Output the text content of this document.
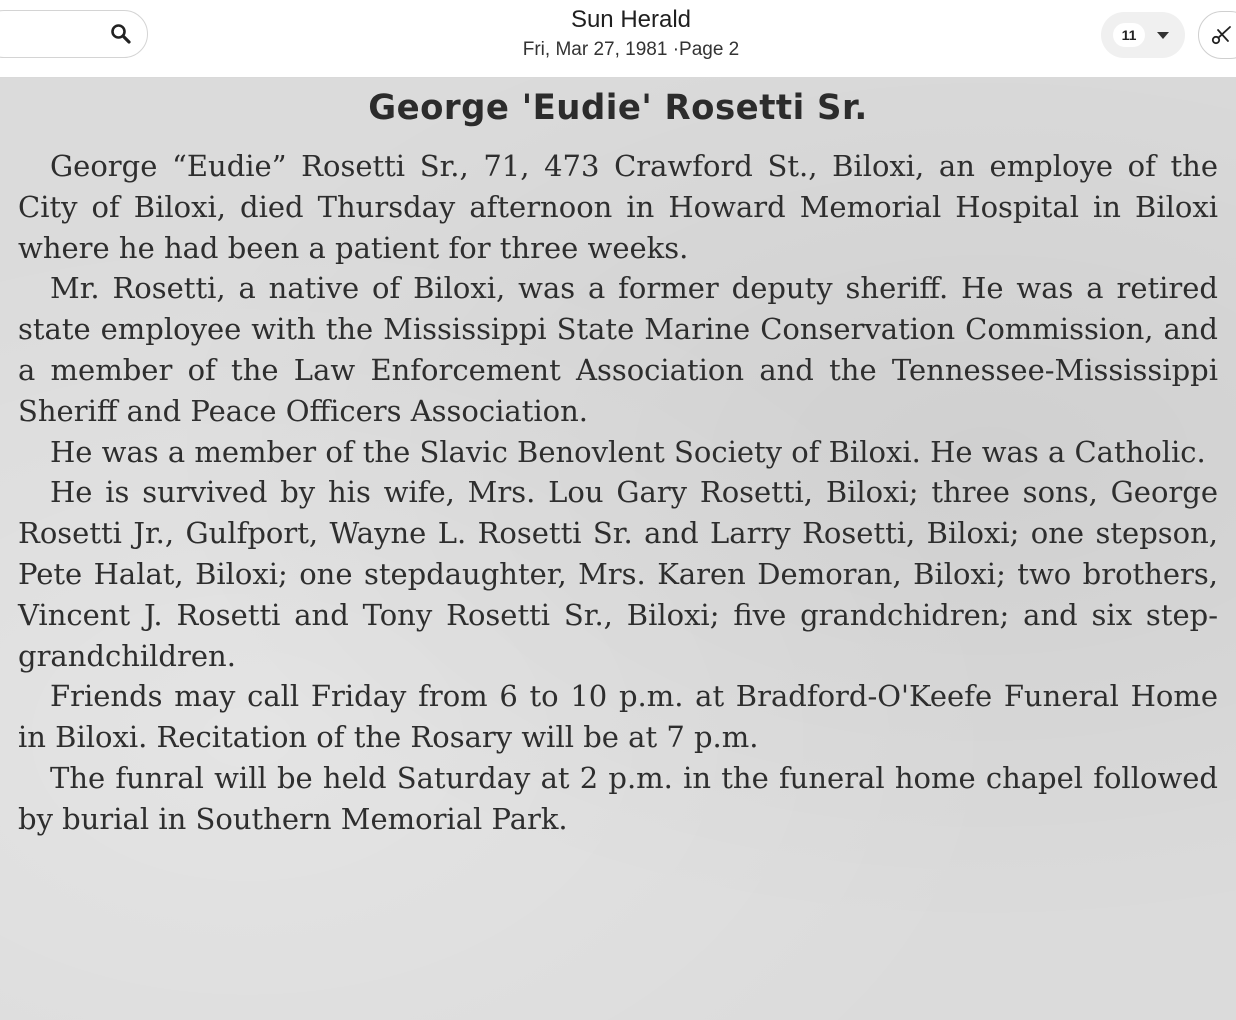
Sun Herald
Fri, Mar 27, 1981 ·Page 2
11
George 'Eudie' Rosetti Sr.

George “Eudie” Rosetti Sr., 71, 473 Crawford St., Biloxi, an employe of the City of Biloxi, died Thursday afternoon in Howard Memorial Hospital in Biloxi where he had been a patient for three weeks.

Mr. Rosetti, a native of Biloxi, was a former deputy sheriff. He was a retired state employee with the Mississippi State Marine Conservation Commission, and a member of the Law Enforcement Association and the Tennessee-Mississippi Sheriff and Peace Officers Association.

He was a member of the Slavic Benovlent Society of Biloxi. He was a Catholic.

He is survived by his wife, Mrs. Lou Gary Rosetti, Biloxi; three sons, George Rosetti Jr., Gulfport, Wayne L. Rosetti Sr. and Larry Rosetti, Biloxi; one stepson, Pete Halat, Biloxi; one stepdaughter, Mrs. Karen Demoran, Biloxi; two brothers, Vincent J. Rosetti and Tony Rosetti Sr., Biloxi; five grandchidren; and six step-grandchildren.

Friends may call Friday from 6 to 10 p.m. at Bradford-O'Keefe Funeral Home in Biloxi. Recitation of the Rosary will be at 7 p.m.

The funral will be held Saturday at 2 p.m. in the funeral home chapel followed by burial in Southern Memorial Park.
